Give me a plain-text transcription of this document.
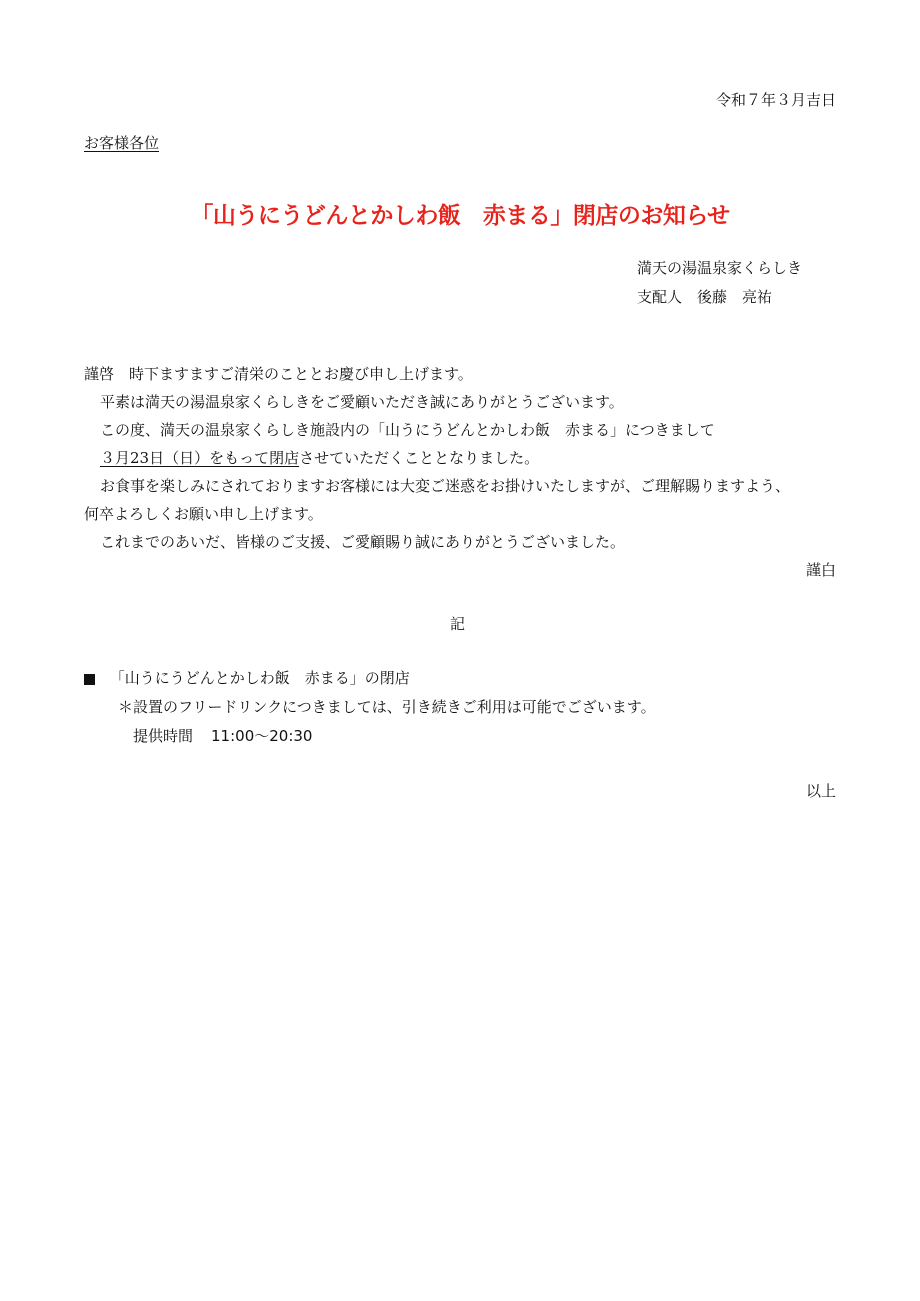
令和７年３月吉日
お客様各位
「山うにうどんとかしわ飯　赤まる」閉店のお知らせ
満天の湯温泉家くらしき
支配人　後藤　亮祐
謹啓　時下ますますご清栄のこととお慶び申し上げます。
平素は満天の湯温泉家くらしきをご愛顧いただき誠にありがとうございます。
この度、満天の温泉家くらしき施設内の「山うにうどんとかしわ飯　赤まる」につきまして
３月23日（日）をもって閉店させていただくこととなりました。
お食事を楽しみにされておりますお客様には大変ご迷惑をお掛けいたしますが、ご理解賜りますよう、
何卒よろしくお願い申し上げます。
これまでのあいだ、皆様のご支援、ご愛顧賜り誠にありがとうございました。
謹白
記
「山うにうどんとかしわ飯　赤まる」の閉店
＊設置のフリードリンクにつきましては、引き続きご利用は可能でございます。
提供時間 11:00～20:30
以上
